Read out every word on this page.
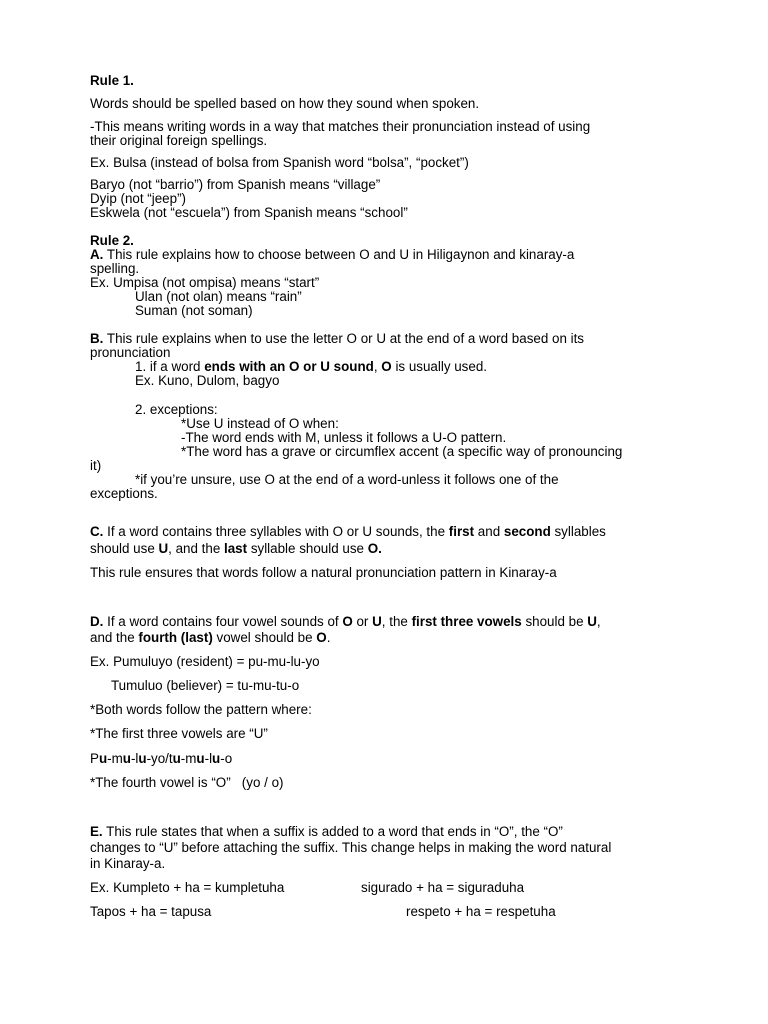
Rule 1.
Words should be spelled based on how they sound when spoken.
-This means writing words in a way that matches their pronunciation instead of using
their original foreign spellings.
Ex. Bulsa (instead of bolsa from Spanish word “bolsa”, “pocket”)
Baryo (not “barrio”) from Spanish means “village”
Dyip (not “jeep”)
Eskwela (not “escuela”) from Spanish means “school”
Rule 2.
A. This rule explains how to choose between O and U in Hiligaynon and kinaray-a
spelling.
Ex. Umpisa (not ompisa) means “start”
Ulan (not olan) means “rain”
Suman (not soman)
B. This rule explains when to use the letter O or U at the end of a word based on its
pronunciation
1. if a word ends with an O or U sound, O is usually used.
Ex. Kuno, Dulom, bagyo
2. exceptions:
*Use U instead of O when:
-The word ends with M, unless it follows a U-O pattern.
*The word has a grave or circumflex accent (a specific way of pronouncing
it)
*if you’re unsure, use O at the end of a word-unless it follows one of the
exceptions.
C. If a word contains three syllables with O or U sounds, the first and second syllables
should use U, and the last syllable should use O.
This rule ensures that words follow a natural pronunciation pattern in Kinaray-a
D. If a word contains four vowel sounds of O or U, the first three vowels should be U,
and the fourth (last) vowel should be O.
Ex. Pumuluyo (resident) = pu-mu-lu-yo
Tumuluo (believer) = tu-mu-tu-o
*Both words follow the pattern where:
*The first three vowels are “U”
Pu-mu-lu-yo/tu-mu-lu-o
*The fourth vowel is “O”   (yo / o)
E. This rule states that when a suffix is added to a word that ends in “O”, the “O”
changes to “U” before attaching the suffix. This change helps in making the word natural
in Kinaray-a.
Ex. Kumpleto + ha = kumpletuha	sigurado + ha = siguraduha
Tapos + ha = tapusa	respeto + ha = respetuha
